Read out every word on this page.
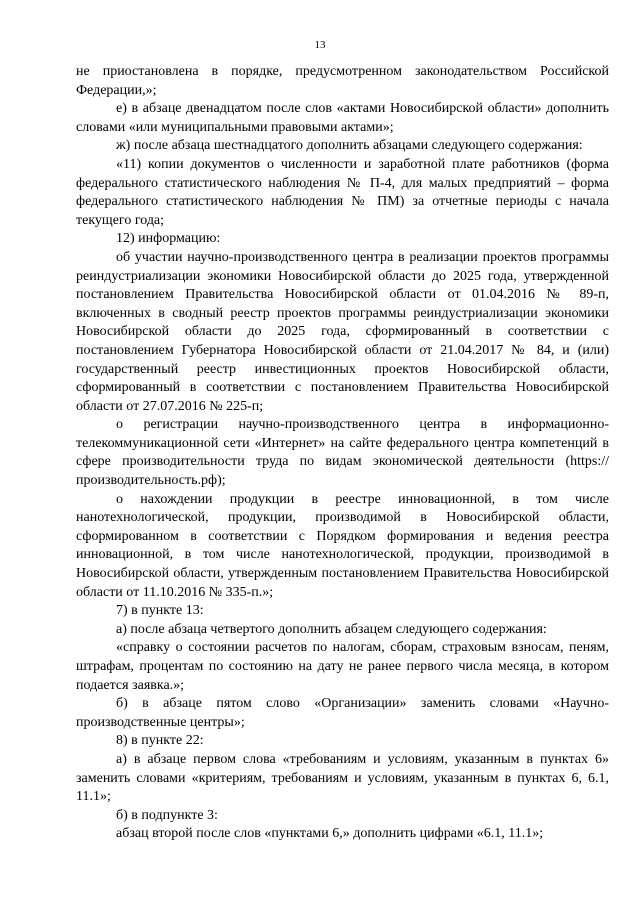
13

не приостановлена в порядке, предусмотренном законодательством Российской Федерации,»;

е) в абзаце двенадцатом после слов «актами Новосибирской области» дополнить словами «или муниципальными правовыми актами»;

ж) после абзаца шестнадцатого дополнить абзацами следующего содержания:

«11) копии документов о численности и заработной плате работников (форма федерального статистического наблюдения № П-4, для малых предприятий – форма федерального статистического наблюдения № ПМ) за отчетные периоды с начала текущего года;

12) информацию:

об участии научно-производственного центра в реализации проектов программы реиндустриализации экономики Новосибирской области до 2025 года, утвержденной постановлением Правительства Новосибирской области от 01.04.2016 № 89-п, включенных в сводный реестр проектов программы реиндустриализации экономики Новосибирской области до 2025 года, сформированный в соответствии с постановлением Губернатора Новосибирской области от 21.04.2017 № 84, и (или) государственный реестр инвестиционных проектов Новосибирской области, сформированный в соответствии с постановлением Правительства Новосибирской области от 27.07.2016 № 225-п;

о регистрации научно-производственного центра в информационно-телекоммуникационной сети «Интернет» на сайте федерального центра компетенций в сфере производительности труда по видам экономической деятельности (https://производительность.рф);

о нахождении продукции в реестре инновационной, в том числе нанотехнологической, продукции, производимой в Новосибирской области, сформированном в соответствии с Порядком формирования и ведения реестра инновационной, в том числе нанотехнологической, продукции, производимой в Новосибирской области, утвержденным постановлением Правительства Новосибирской области от 11.10.2016 № 335-п.»;

7) в пункте 13:

а) после абзаца четвертого дополнить абзацем следующего содержания:

«справку о состоянии расчетов по налогам, сборам, страховым взносам, пеням, штрафам, процентам по состоянию на дату не ранее первого числа месяца, в котором подается заявка.»;

б) в абзаце пятом слово «Организации» заменить словами «Научно-производственные центры»;

8) в пункте 22:

а) в абзаце первом слова «требованиям и условиям, указанным в пунктах 6» заменить словами «критериям, требованиям и условиям, указанным в пунктах 6, 6.1, 11.1»;

б) в подпункте 3:

абзац второй после слов «пунктами 6,» дополнить цифрами «6.1, 11.1»;
